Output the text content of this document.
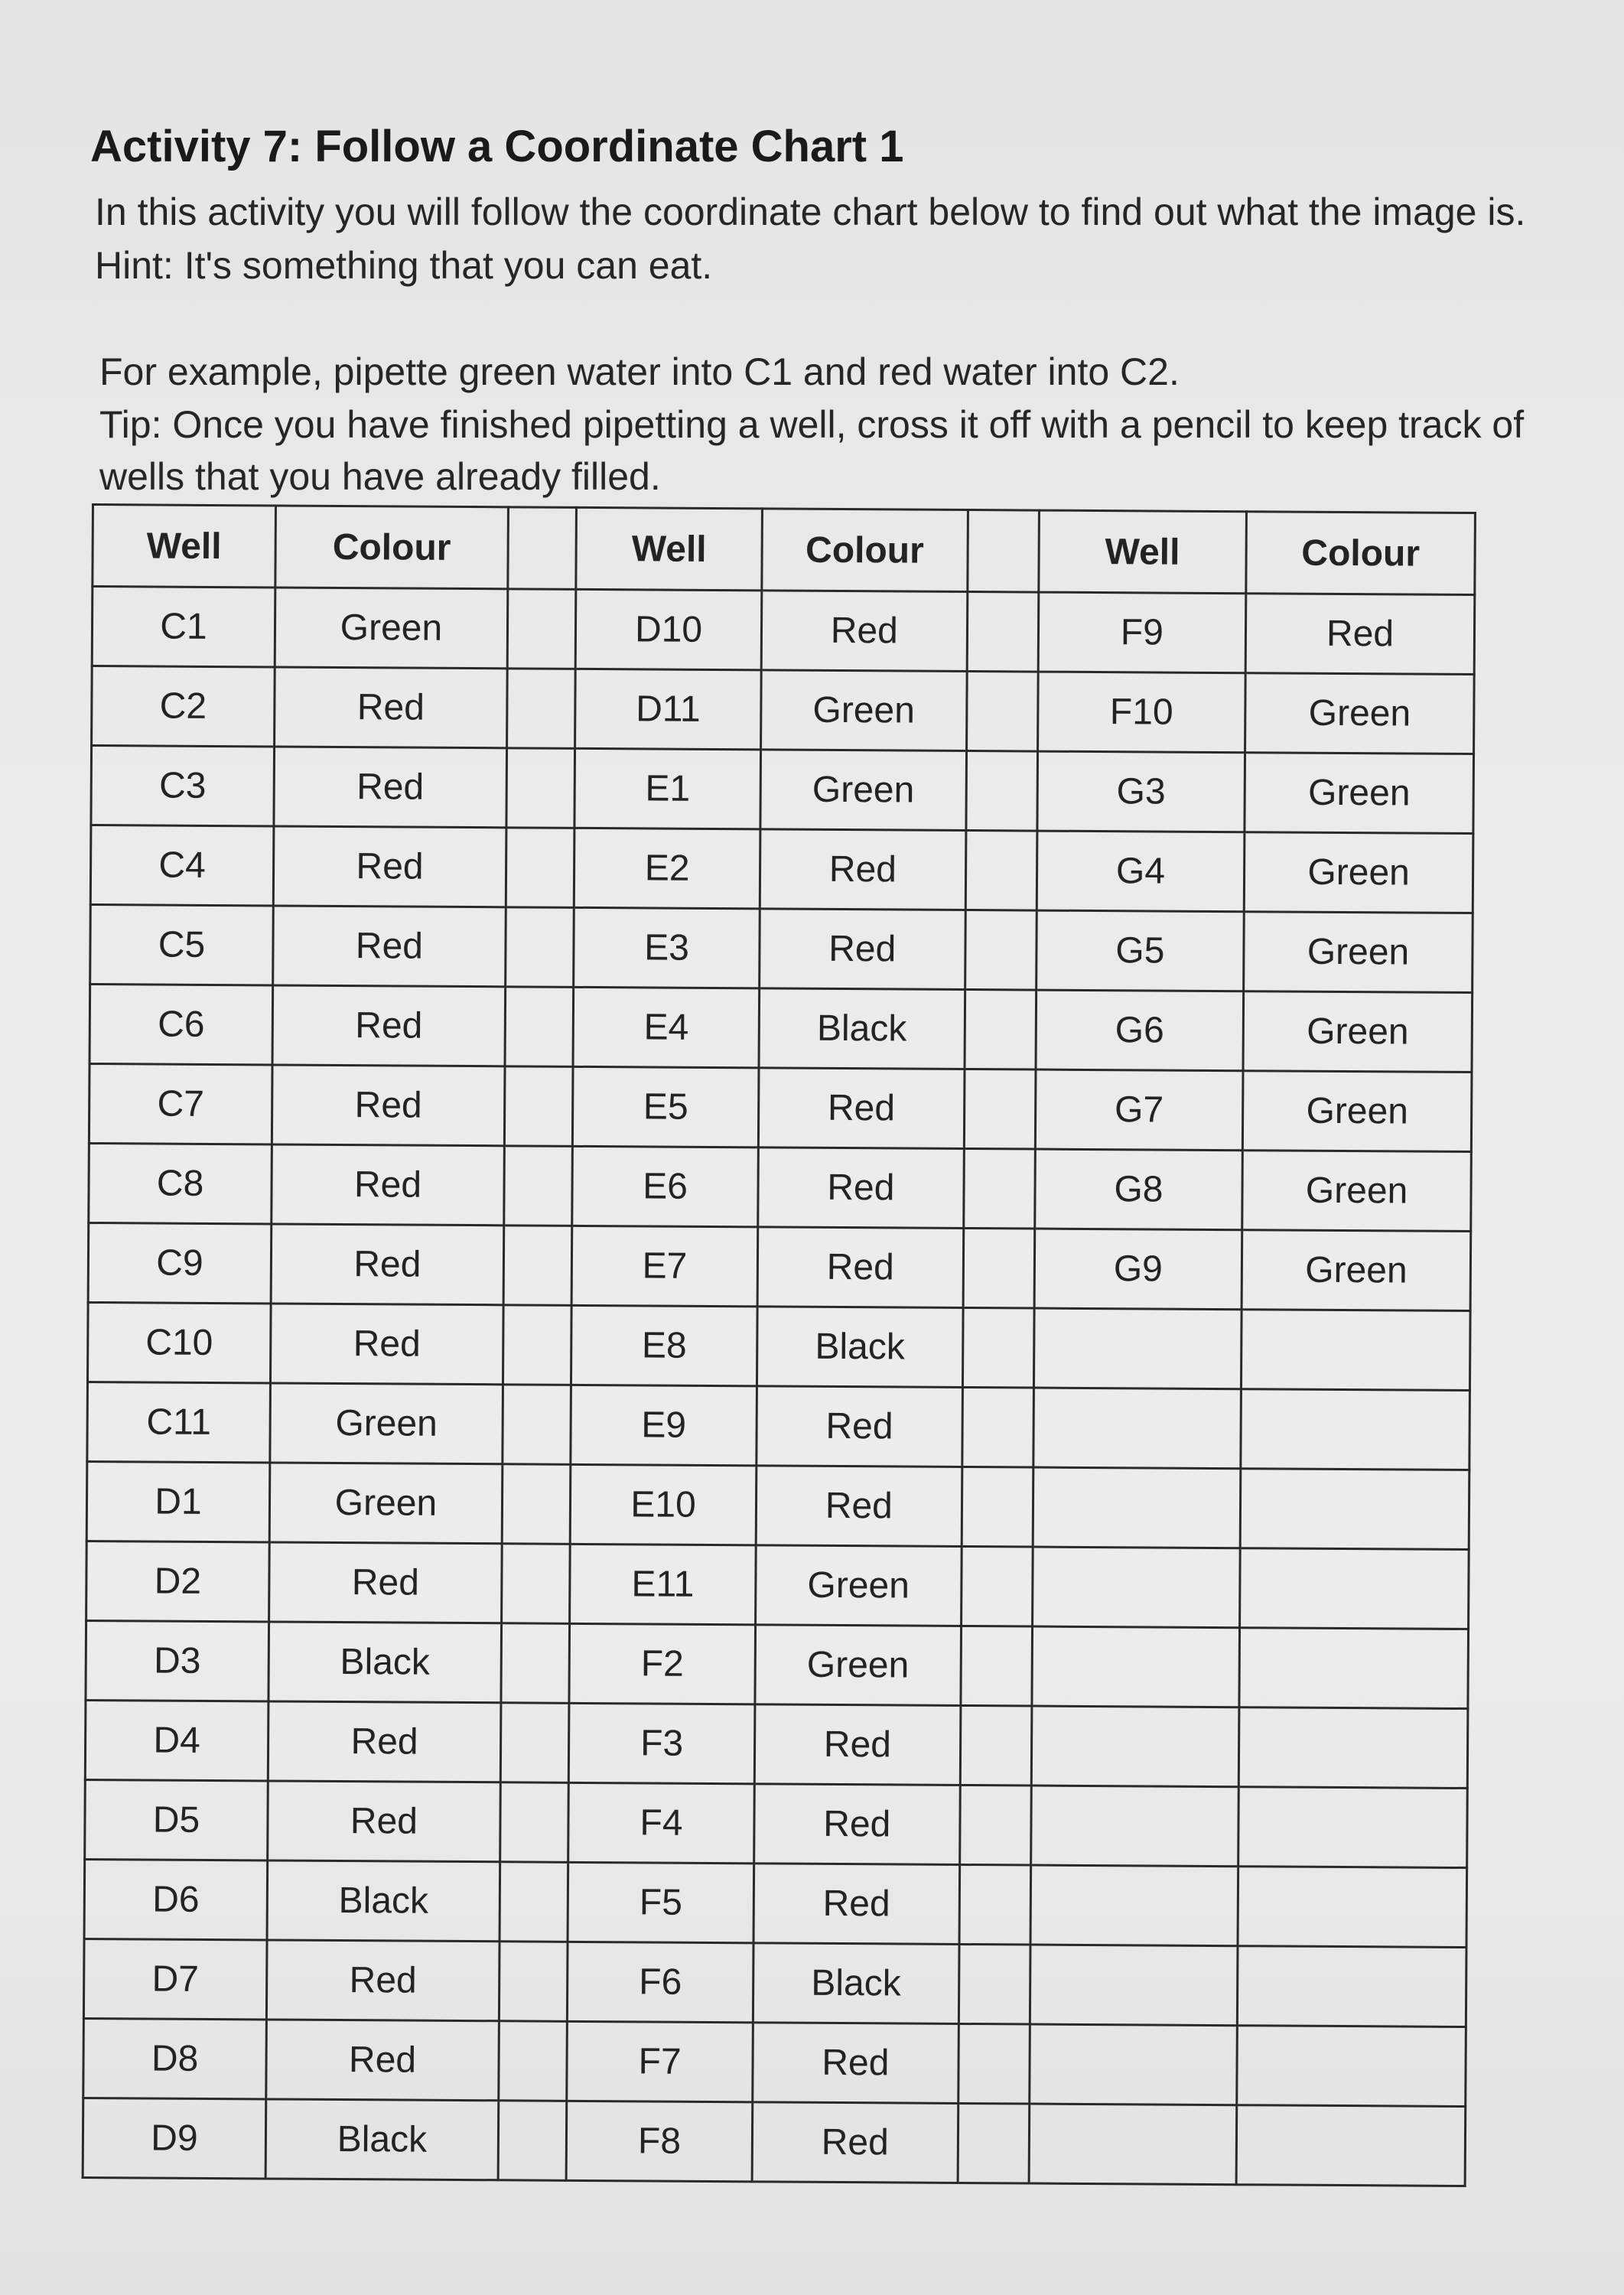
Activity 7: Follow a Coordinate Chart 1

In this activity you will follow the coordinate chart below to find out what the image is.

Hint: It's something that you can eat.

For example, pipette green water into C1 and red water into C2.

Tip: Once you have finished pipetting a well, cross it off with a pencil to keep track of

wells that you have already filled.

Well	Colour		Well	Colour		Well	Colour
C1	Green		D10	Red		F9	Red
C2	Red		D11	Green		F10	Green
C3	Red		E1	Green		G3	Green
C4	Red		E2	Red		G4	Green
C5	Red		E3	Red		G5	Green
C6	Red		E4	Black		G6	Green
C7	Red		E5	Red		G7	Green
C8	Red		E6	Red		G8	Green
C9	Red		E7	Red		G9	Green
C10	Red		E8	Black			
C11	Green		E9	Red			
D1	Green		E10	Red			
D2	Red		E11	Green			
D3	Black		F2	Green			
D4	Red		F3	Red			
D5	Red		F4	Red			
D6	Black		F5	Red			
D7	Red		F6	Black			
D8	Red		F7	Red			
D9	Black		F8	Red			
